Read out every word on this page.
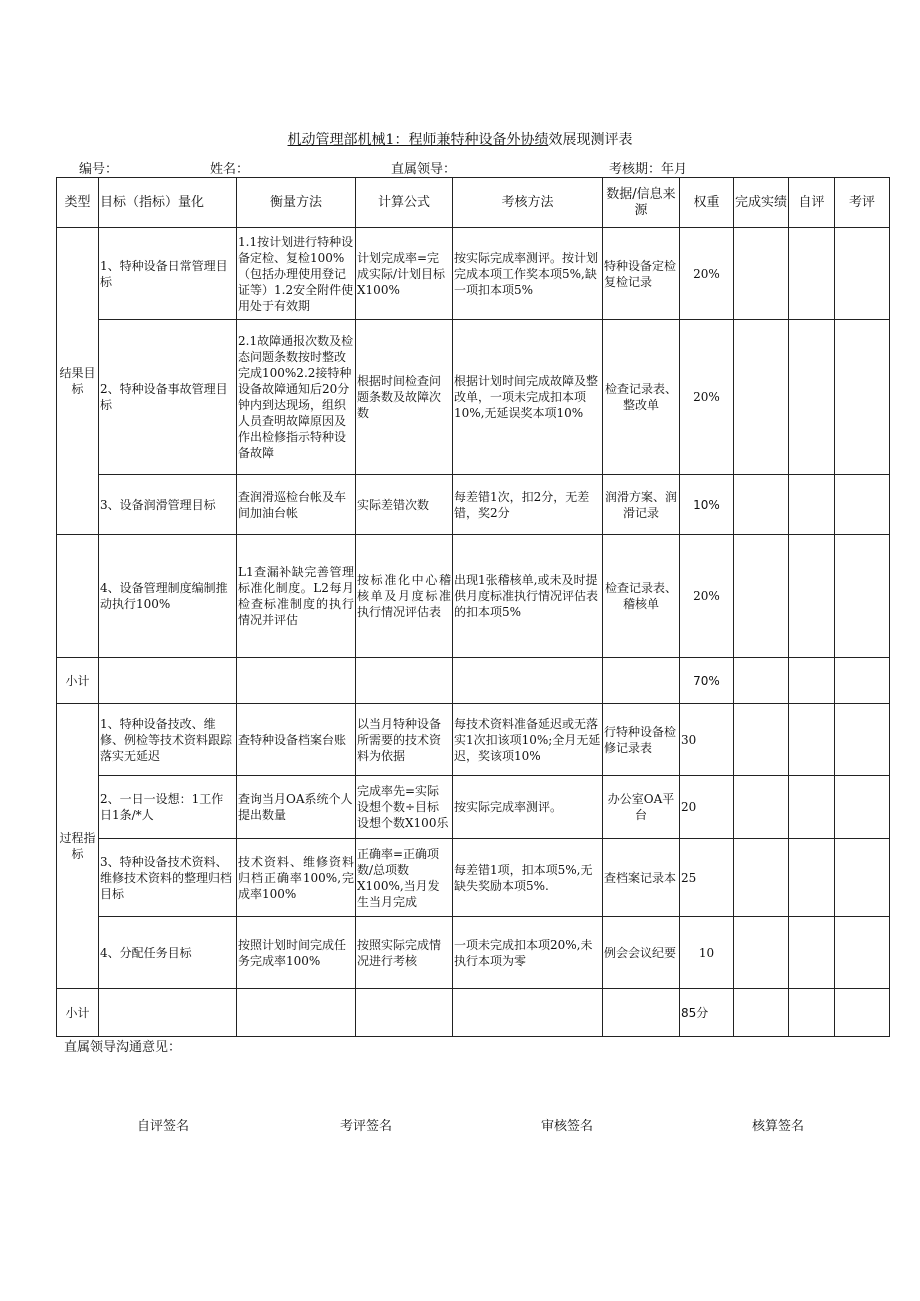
机动管理部机械1：程师兼特种设备外协绩效展现测评表
编号：	姓名：	直属领导：	考核期：年月
类型	目标（指标）量化	衡量方法	计算公式	考核方法	数据/信息来源	权重	完成实绩	自评	考评
结果目标	1、特种设备日常管理目标	1.1按计划进行特种设备定检、复检100%（包括办理使用登记证等）1.2安全附件使用处于有效期	计划完成率=完成实际/计划目标X100%	按实际完成率测评。按计划完成本项工作奖本项5%,缺一项扣本项5%	特种设备定检复检记录	20%			
	2、特种设备事故管理目标	2.1故障通报次数及检态问题条数按时整改完成100%2.2接特种设备故障通知后20分钟内到达现场，组织人员查明故障原因及作出检修指示特种设备故障	根据时间检查问题条数及故障次数	根据计划时间完成故障及整改单，一项未完成扣本项10%,无延误奖本项10%	检查记录表、整改单	20%			
	3、设备润滑管理目标	查润滑巡检台帐及车间加油台帐	实际差错次数	每差错1次，扣2分，无差错，奖2分	润滑方案、润滑记录	10%			
	4、设备管理制度编制推动执行100%	L1查漏补缺完善管理标准化制度。L2每月检查标准制度的执行情况并评估	按标准化中心稽核单及月度标准执行情况评估表	出现1张稽核单,或未及时提供月度标准执行情况评估表的扣本项5%	检查记录表、稽核单	20%			
小计						70%			
过程指标	1、特种设备技改、维修、例检等技术资料跟踪落实无延迟	查特种设备档案台账	以当月特种设备所需要的技术资料为依据	每技术资料准备延迟或无落实1次扣该项10%;全月无延迟，奖该项10%	行特种设备检修记录表	30			
	2、一日一设想：1工作日1条/*人	查询当月OA系统个人提出数量	完成率先=实际设想个数÷目标设想个数X100乐	按实际完成率测评。	办公室OA平台	20			
	3、特种设备技术资料、维修技术资料的整理归档目标	技术资料、维修资料归档正确率100%,完成率100%	正确率=正确项数/总项数X100%,当月发生当月完成	每差错1项，扣本项5%,无缺失奖励本项5%.	查档案记录本	25			
	4、分配任务目标	按照计划时间完成任务完成率100%	按照实际完成情况进行考核	一项未完成扣本项20%,未执行本项为零	例会会议纪要	10			
小计						85分			
直属领导沟通意见：
自评签名	考评签名	审核签名	核算签名
